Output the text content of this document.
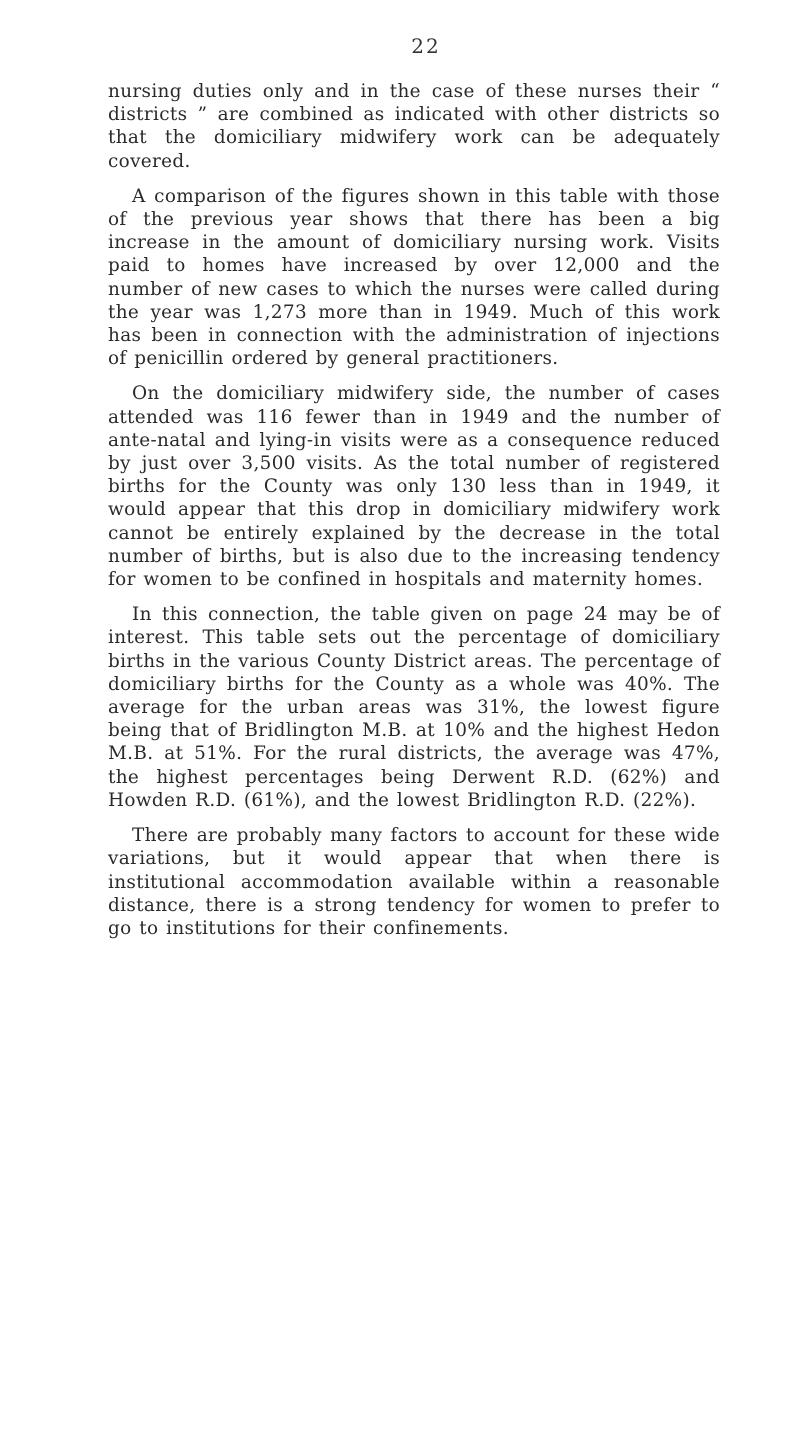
22

nursing duties only and in the case of these nurses their “ districts ” are combined as indicated with other districts so that the domiciliary midwifery work can be adequately covered.

A comparison of the figures shown in this table with those of the previous year shows that there has been a big increase in the amount of domiciliary nursing work. Visits paid to homes have increased by over 12,000 and the number of new cases to which the nurses were called during the year was 1,273 more than in 1949. Much of this work has been in connection with the administration of injections of penicillin ordered by general practitioners.

On the domiciliary midwifery side, the number of cases attended was 116 fewer than in 1949 and the number of ante-natal and lying-in visits were as a consequence reduced by just over 3,500 visits. As the total number of registered births for the County was only 130 less than in 1949, it would appear that this drop in domiciliary midwifery work cannot be entirely explained by the decrease in the total number of births, but is also due to the increasing tendency for women to be confined in hospitals and maternity homes.

In this connection, the table given on page 24 may be of interest. This table sets out the percentage of domiciliary births in the various County District areas. The percentage of domiciliary births for the County as a whole was 40%. The average for the urban areas was 31%, the lowest figure being that of Bridlington M.B. at 10% and the highest Hedon M.B. at 51%. For the rural districts, the average was 47%, the highest percentages being Derwent R.D. (62%) and Howden R.D. (61%), and the lowest Bridlington R.D. (22%).

There are probably many factors to account for these wide variations, but it would appear that when there is institutional accommodation available within a reasonable distance, there is a strong tendency for women to prefer to go to institutions for their confinements.
